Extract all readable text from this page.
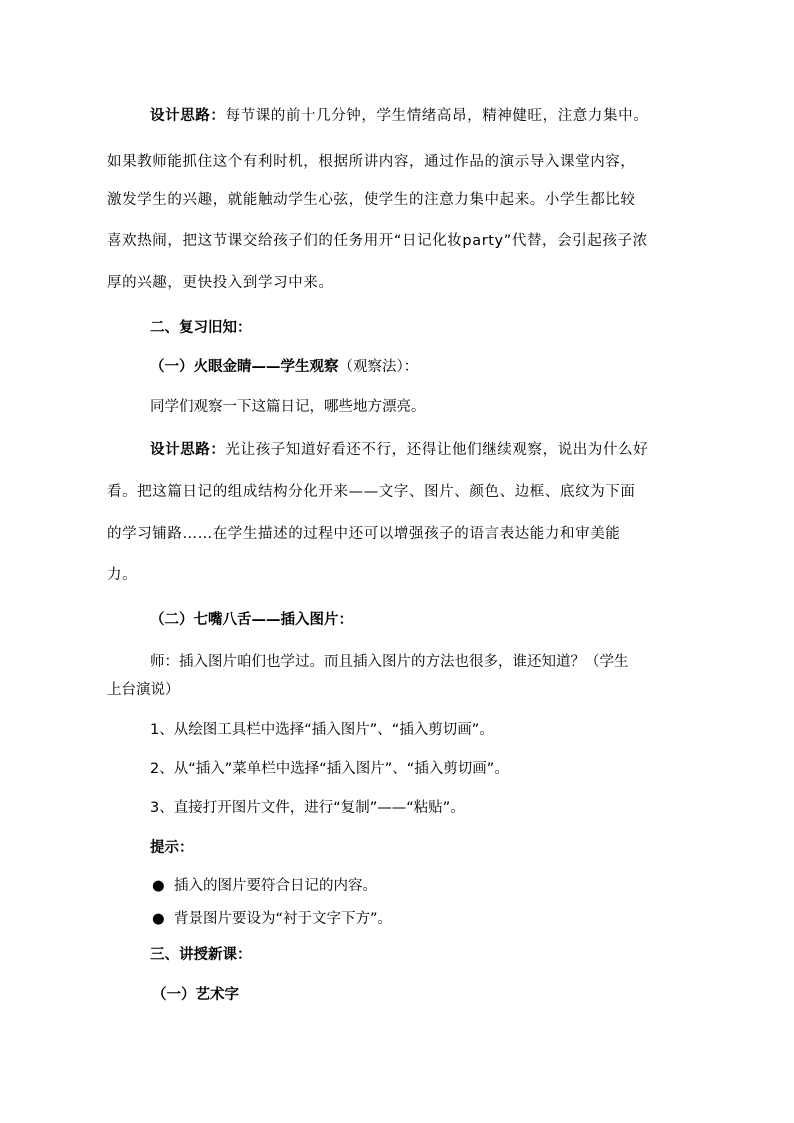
设计思路：每节课的前十几分钟，学生情绪高昂，精神健旺，注意力集中。
如果教师能抓住这个有利时机，根据所讲内容，通过作品的演示导入课堂内容，
激发学生的兴趣，就能触动学生心弦，使学生的注意力集中起来。小学生都比较
喜欢热闹，把这节课交给孩子们的任务用开“日记化妆party”代替，会引起孩子浓
厚的兴趣，更快投入到学习中来。
二、复习旧知：
（一）火眼金睛——学生观察（观察法）：
同学们观察一下这篇日记，哪些地方漂亮。
设计思路：光让孩子知道好看还不行，还得让他们继续观察，说出为什么好
看。把这篇日记的组成结构分化开来——文字、图片、颜色、边框、底纹为下面
的学习铺路……在学生描述的过程中还可以增强孩子的语言表达能力和审美能
力。
（二）七嘴八舌——插入图片：
师：插入图片咱们也学过。而且插入图片的方法也很多，谁还知道？（学生
上台演说）
1、从绘图工具栏中选择“插入图片”、“插入剪切画”。
2、从“插入”菜单栏中选择“插入图片”、“插入剪切画”。
3、直接打开图片文件，进行“复制”——“粘贴”。
提示：
● 插入的图片要符合日记的内容。
● 背景图片要设为“衬于文字下方”。
三、讲授新课：
（一）艺术字
